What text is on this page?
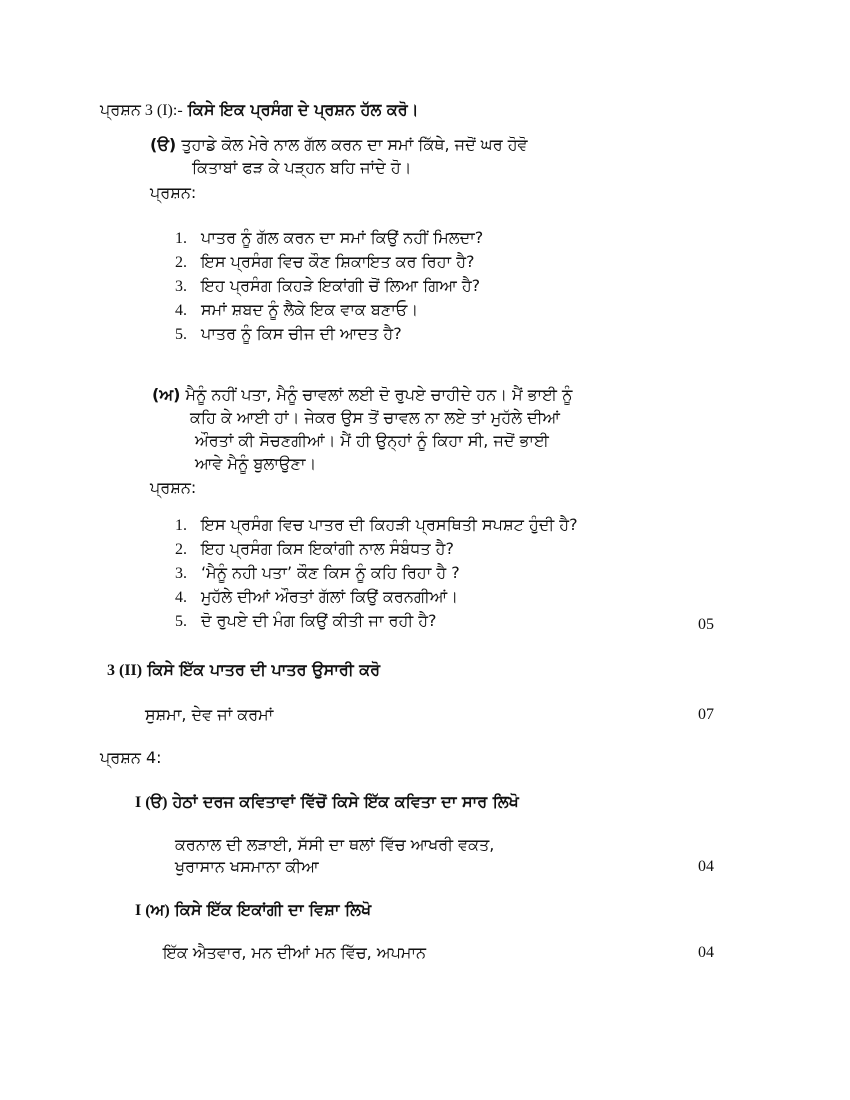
ਪ੍ਰਸ਼ਨ 3 (I):- ਕਿਸੇ ਇਕ ਪ੍ਰਸੰਗ ਦੇ ਪ੍ਰਸ਼ਨ ਹੱਲ ਕਰੋ।
(ੳ) ਤੁਹਾਡੇ ਕੋਲ ਮੇਰੇ ਨਾਲ ਗੱਲ ਕਰਨ ਦਾ ਸਮਾਂ ਕਿੱਥੇ, ਜਦੋਂ ਘਰ ਹੋਵੋ
ਕਿਤਾਬਾਂ ਫੜ ਕੇ ਪੜ੍ਹਨ ਬਹਿ ਜਾਂਦੇ ਹੋ।
ਪ੍ਰਸ਼ਨ:
1. ਪਾਤਰ ਨੂੰ ਗੱਲ ਕਰਨ ਦਾ ਸਮਾਂ ਕਿਉਂ ਨਹੀਂ ਮਿਲਦਾ?
2. ਇਸ ਪ੍ਰਸੰਗ ਵਿਚ ਕੌਣ ਸ਼ਿਕਾਇਤ ਕਰ ਰਿਹਾ ਹੈ?
3. ਇਹ ਪ੍ਰਸੰਗ ਕਿਹੜੇ ਇਕਾਂਗੀ ਚੋਂ ਲਿਆ ਗਿਆ ਹੈ?
4. ਸਮਾਂ ਸ਼ਬਦ ਨੂੰ ਲੈਕੇ ਇਕ ਵਾਕ ਬਣਾਓ।
5. ਪਾਤਰ ਨੂੰ ਕਿਸ ਚੀਜ ਦੀ ਆਦਤ ਹੈ?
(ਅ) ਮੈਨੂੰ ਨਹੀਂ ਪਤਾ, ਮੈਨੂੰ ਚਾਵਲਾਂ ਲਈ ਦੋ ਰੁਪਏ ਚਾਹੀਦੇ ਹਨ। ਮੈਂ ਭਾਈ ਨੂੰ
ਕਹਿ ਕੇ ਆਈ ਹਾਂ। ਜੇਕਰ ਉਸ ਤੋਂ ਚਾਵਲ ਨਾ ਲਏ ਤਾਂ ਮੁਹੱਲੇ ਦੀਆਂ
ਔਰਤਾਂ ਕੀ ਸੋਚਣਗੀਆਂ। ਮੈਂ ਹੀ ਉਨ੍ਹਾਂ ਨੂੰ ਕਿਹਾ ਸੀ, ਜਦੋਂ ਭਾਈ
ਆਵੇ ਮੈਨੂੰ ਬੁਲਾਉਣਾ।
ਪ੍ਰਸ਼ਨ:
1. ਇਸ ਪ੍ਰਸੰਗ ਵਿਚ ਪਾਤਰ ਦੀ ਕਿਹੜੀ ਪ੍ਰਸਥਿਤੀ ਸਪਸ਼ਟ ਹੁੰਦੀ ਹੈ?
2. ਇਹ ਪ੍ਰਸੰਗ ਕਿਸ ਇਕਾਂਗੀ ਨਾਲ ਸੰਬੰਧਤ ਹੈ?
3. ‘ਮੈਨੂੰ ਨਹੀ ਪਤਾ’ ਕੌਣ ਕਿਸ ਨੂੰ ਕਹਿ ਰਿਹਾ ਹੈ ?
4. ਮੁਹੱਲੇ ਦੀਆਂ ਔਰਤਾਂ ਗੱਲਾਂ ਕਿਉਂ ਕਰਨਗੀਆਂ।
5. ਦੋ ਰੁਪਏ ਦੀ ਮੰਗ ਕਿਉਂ ਕੀਤੀ ਜਾ ਰਹੀ ਹੈ?	05
3 (II) ਕਿਸੇ ਇੱਕ ਪਾਤਰ ਦੀ ਪਾਤਰ ਉਸਾਰੀ ਕਰੋ
ਸੁਸ਼ਮਾ, ਦੇਵ ਜਾਂ ਕਰਮਾਂ	07
ਪ੍ਰਸ਼ਨ 4:
I (ੳ) ਹੇਠਾਂ ਦਰਜ ਕਵਿਤਾਵਾਂ ਵਿੱਚੋਂ ਕਿਸੇ ਇੱਕ ਕਵਿਤਾ ਦਾ ਸਾਰ ਲਿਖੋ
ਕਰਨਾਲ ਦੀ ਲੜਾਈ, ਸੱਸੀ ਦਾ ਥਲਾਂ ਵਿੱਚ ਆਖਰੀ ਵਕਤ,
ਖੁਰਾਸਾਨ ਖਸਮਾਨਾ ਕੀਆ	04
I (ਅ) ਕਿਸੇ ਇੱਕ ਇਕਾਂਗੀ ਦਾ ਵਿਸ਼ਾ ਲਿਖੋ
ਇੱਕ ਐਤਵਾਰ, ਮਨ ਦੀਆਂ ਮਨ ਵਿੱਚ, ਅਪਮਾਨ	04
